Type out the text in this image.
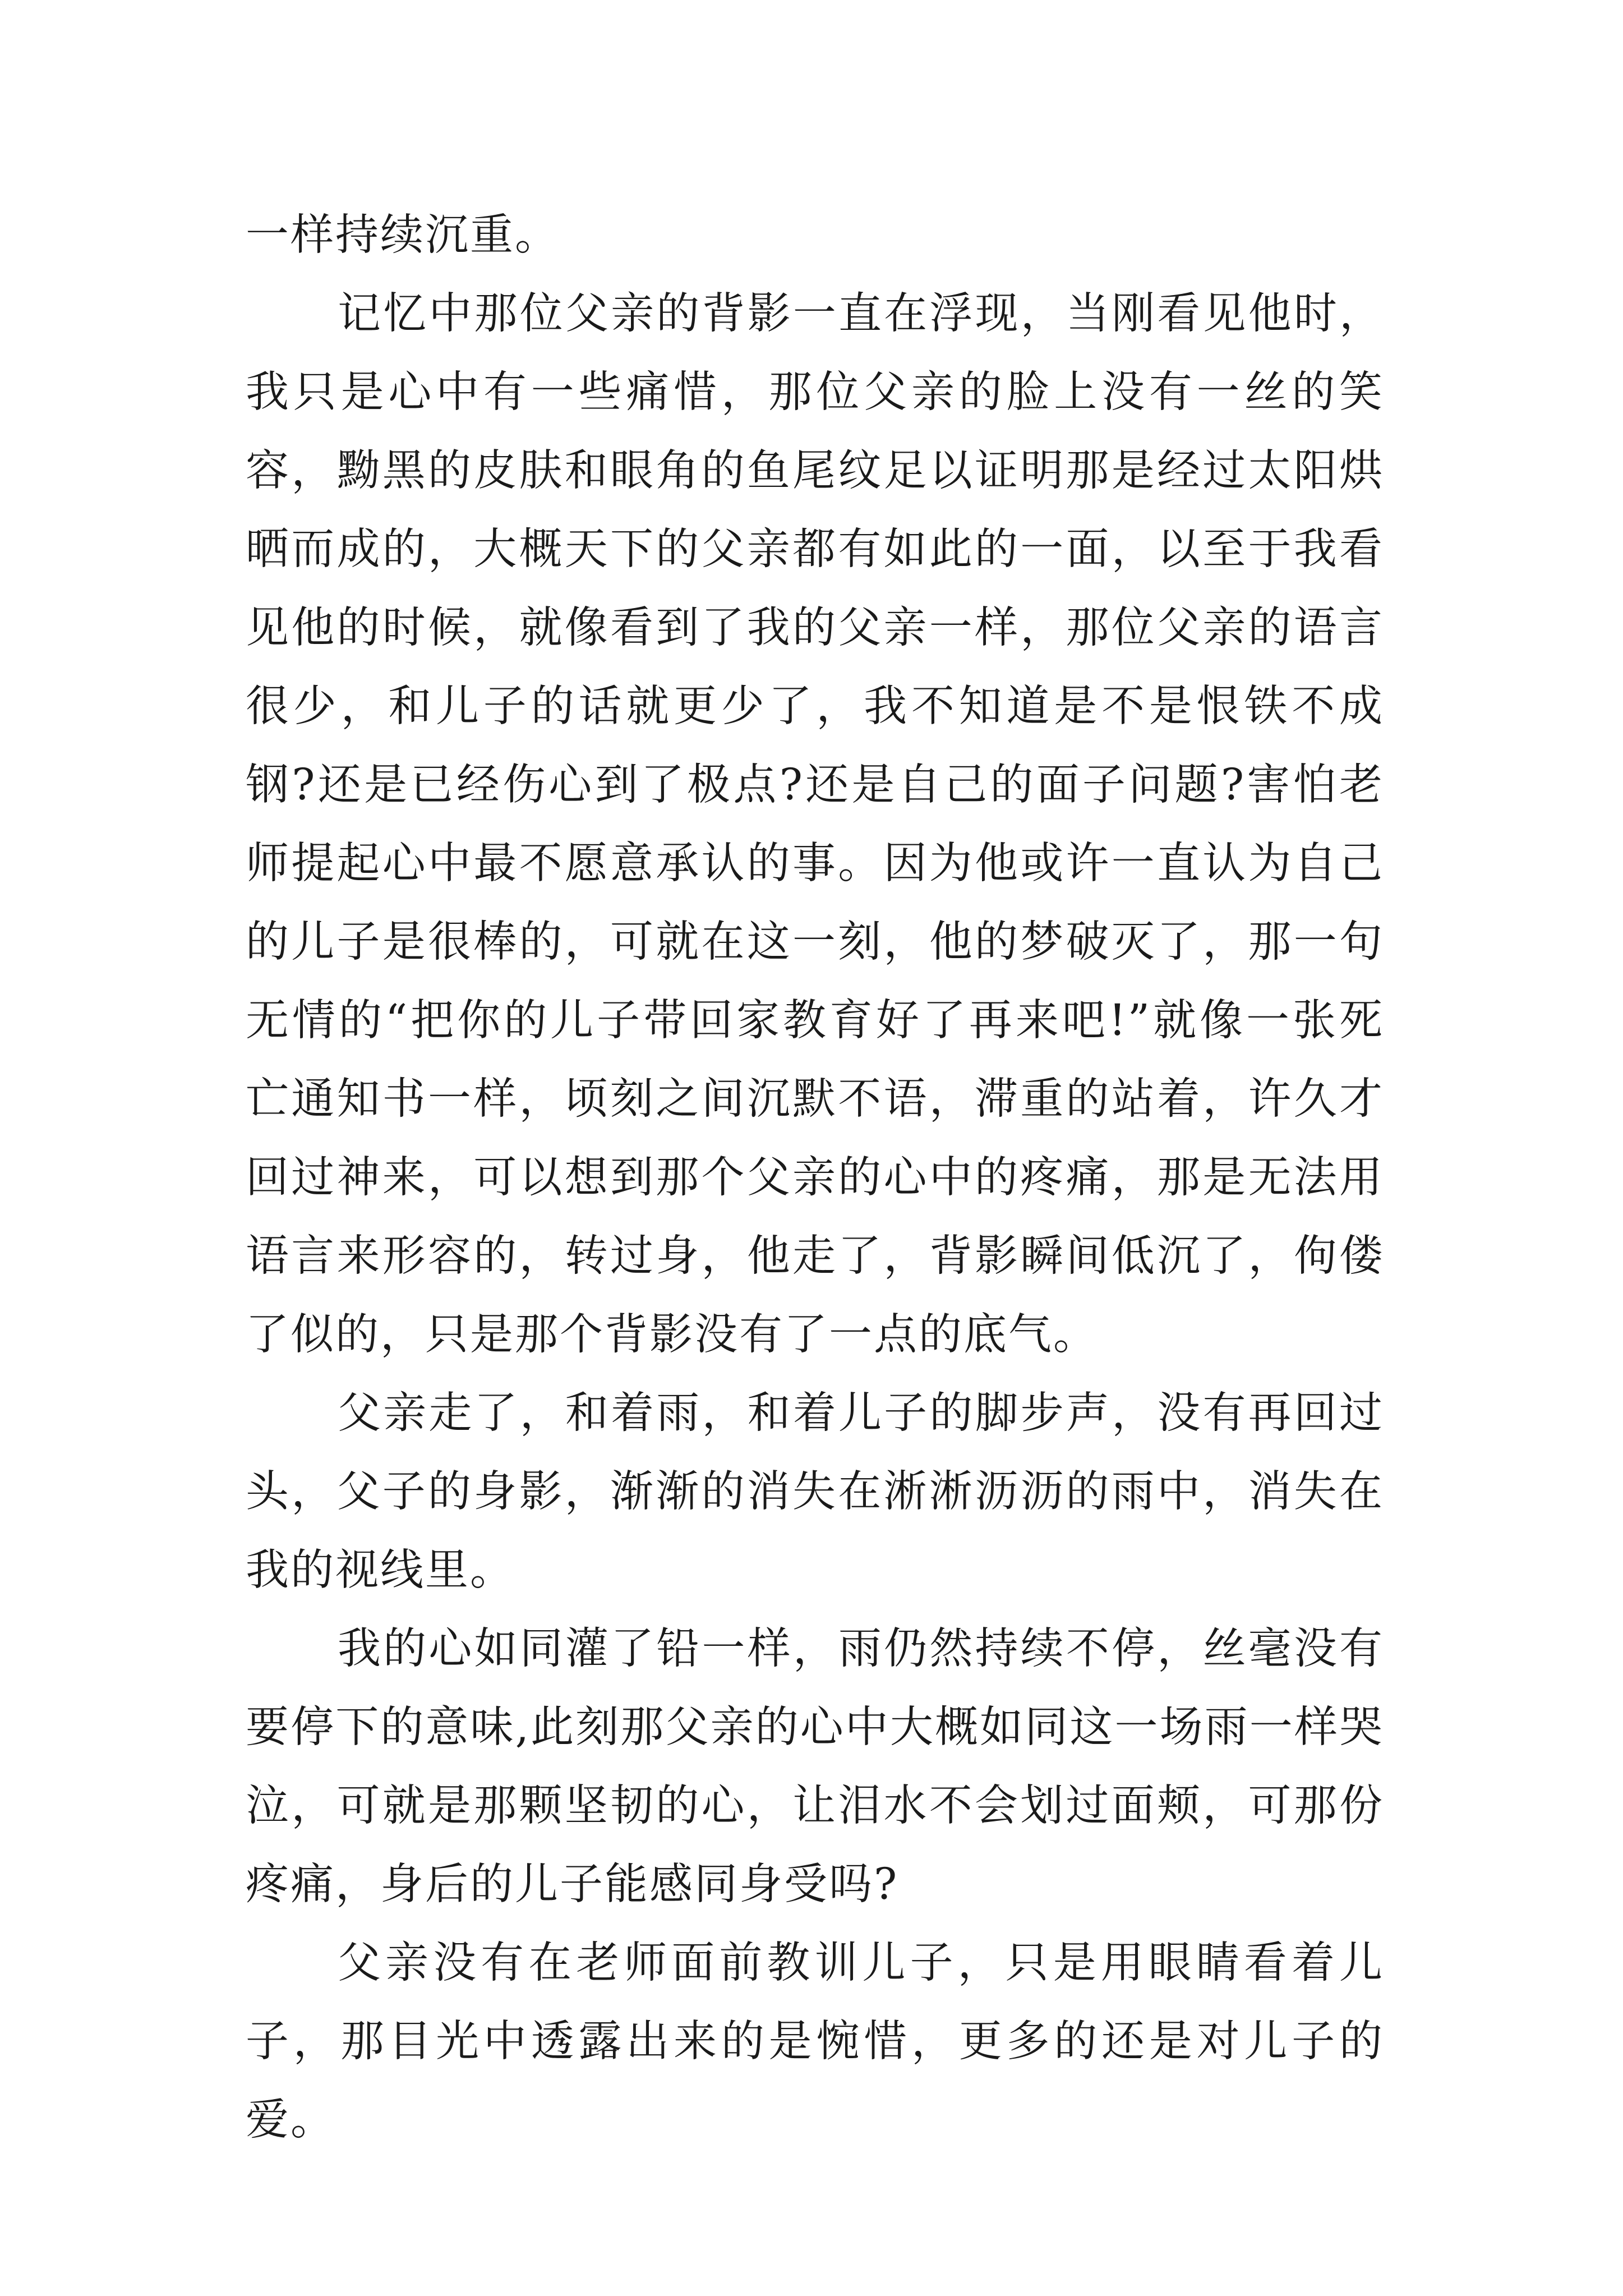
一样持续沉重。

记忆中那位父亲的背影一直在浮现，当刚看见他时，我只是心中有一些痛惜，那位父亲的脸上没有一丝的笑容，黝黑的皮肤和眼角的鱼尾纹足以证明那是经过太阳烘晒而成的，大概天下的父亲都有如此的一面，以至于我看见他的时候，就像看到了我的父亲一样，那位父亲的语言很少，和儿子的话就更少了，我不知道是不是恨铁不成钢?还是已经伤心到了极点?还是自己的面子问题?害怕老师提起心中最不愿意承认的事。因为他或许一直认为自己的儿子是很棒的，可就在这一刻，他的梦破灭了，那一句无情的“把你的儿子带回家教育好了再来吧!”就像一张死亡通知书一样，顷刻之间沉默不语，滞重的站着，许久才回过神来，可以想到那个父亲的心中的疼痛，那是无法用语言来形容的，转过身，他走了，背影瞬间低沉了，佝偻了似的，只是那个背影没有了一点的底气。

父亲走了，和着雨，和着儿子的脚步声，没有再回过头，父子的身影，渐渐的消失在淅淅沥沥的雨中，消失在我的视线里。

我的心如同灌了铅一样，雨仍然持续不停，丝毫没有要停下的意味,此刻那父亲的心中大概如同这一场雨一样哭泣，可就是那颗坚韧的心，让泪水不会划过面颊，可那份疼痛，身后的儿子能感同身受吗?

父亲没有在老师面前教训儿子，只是用眼睛看着儿子，那目光中透露出来的是惋惜，更多的还是对儿子的爱。
